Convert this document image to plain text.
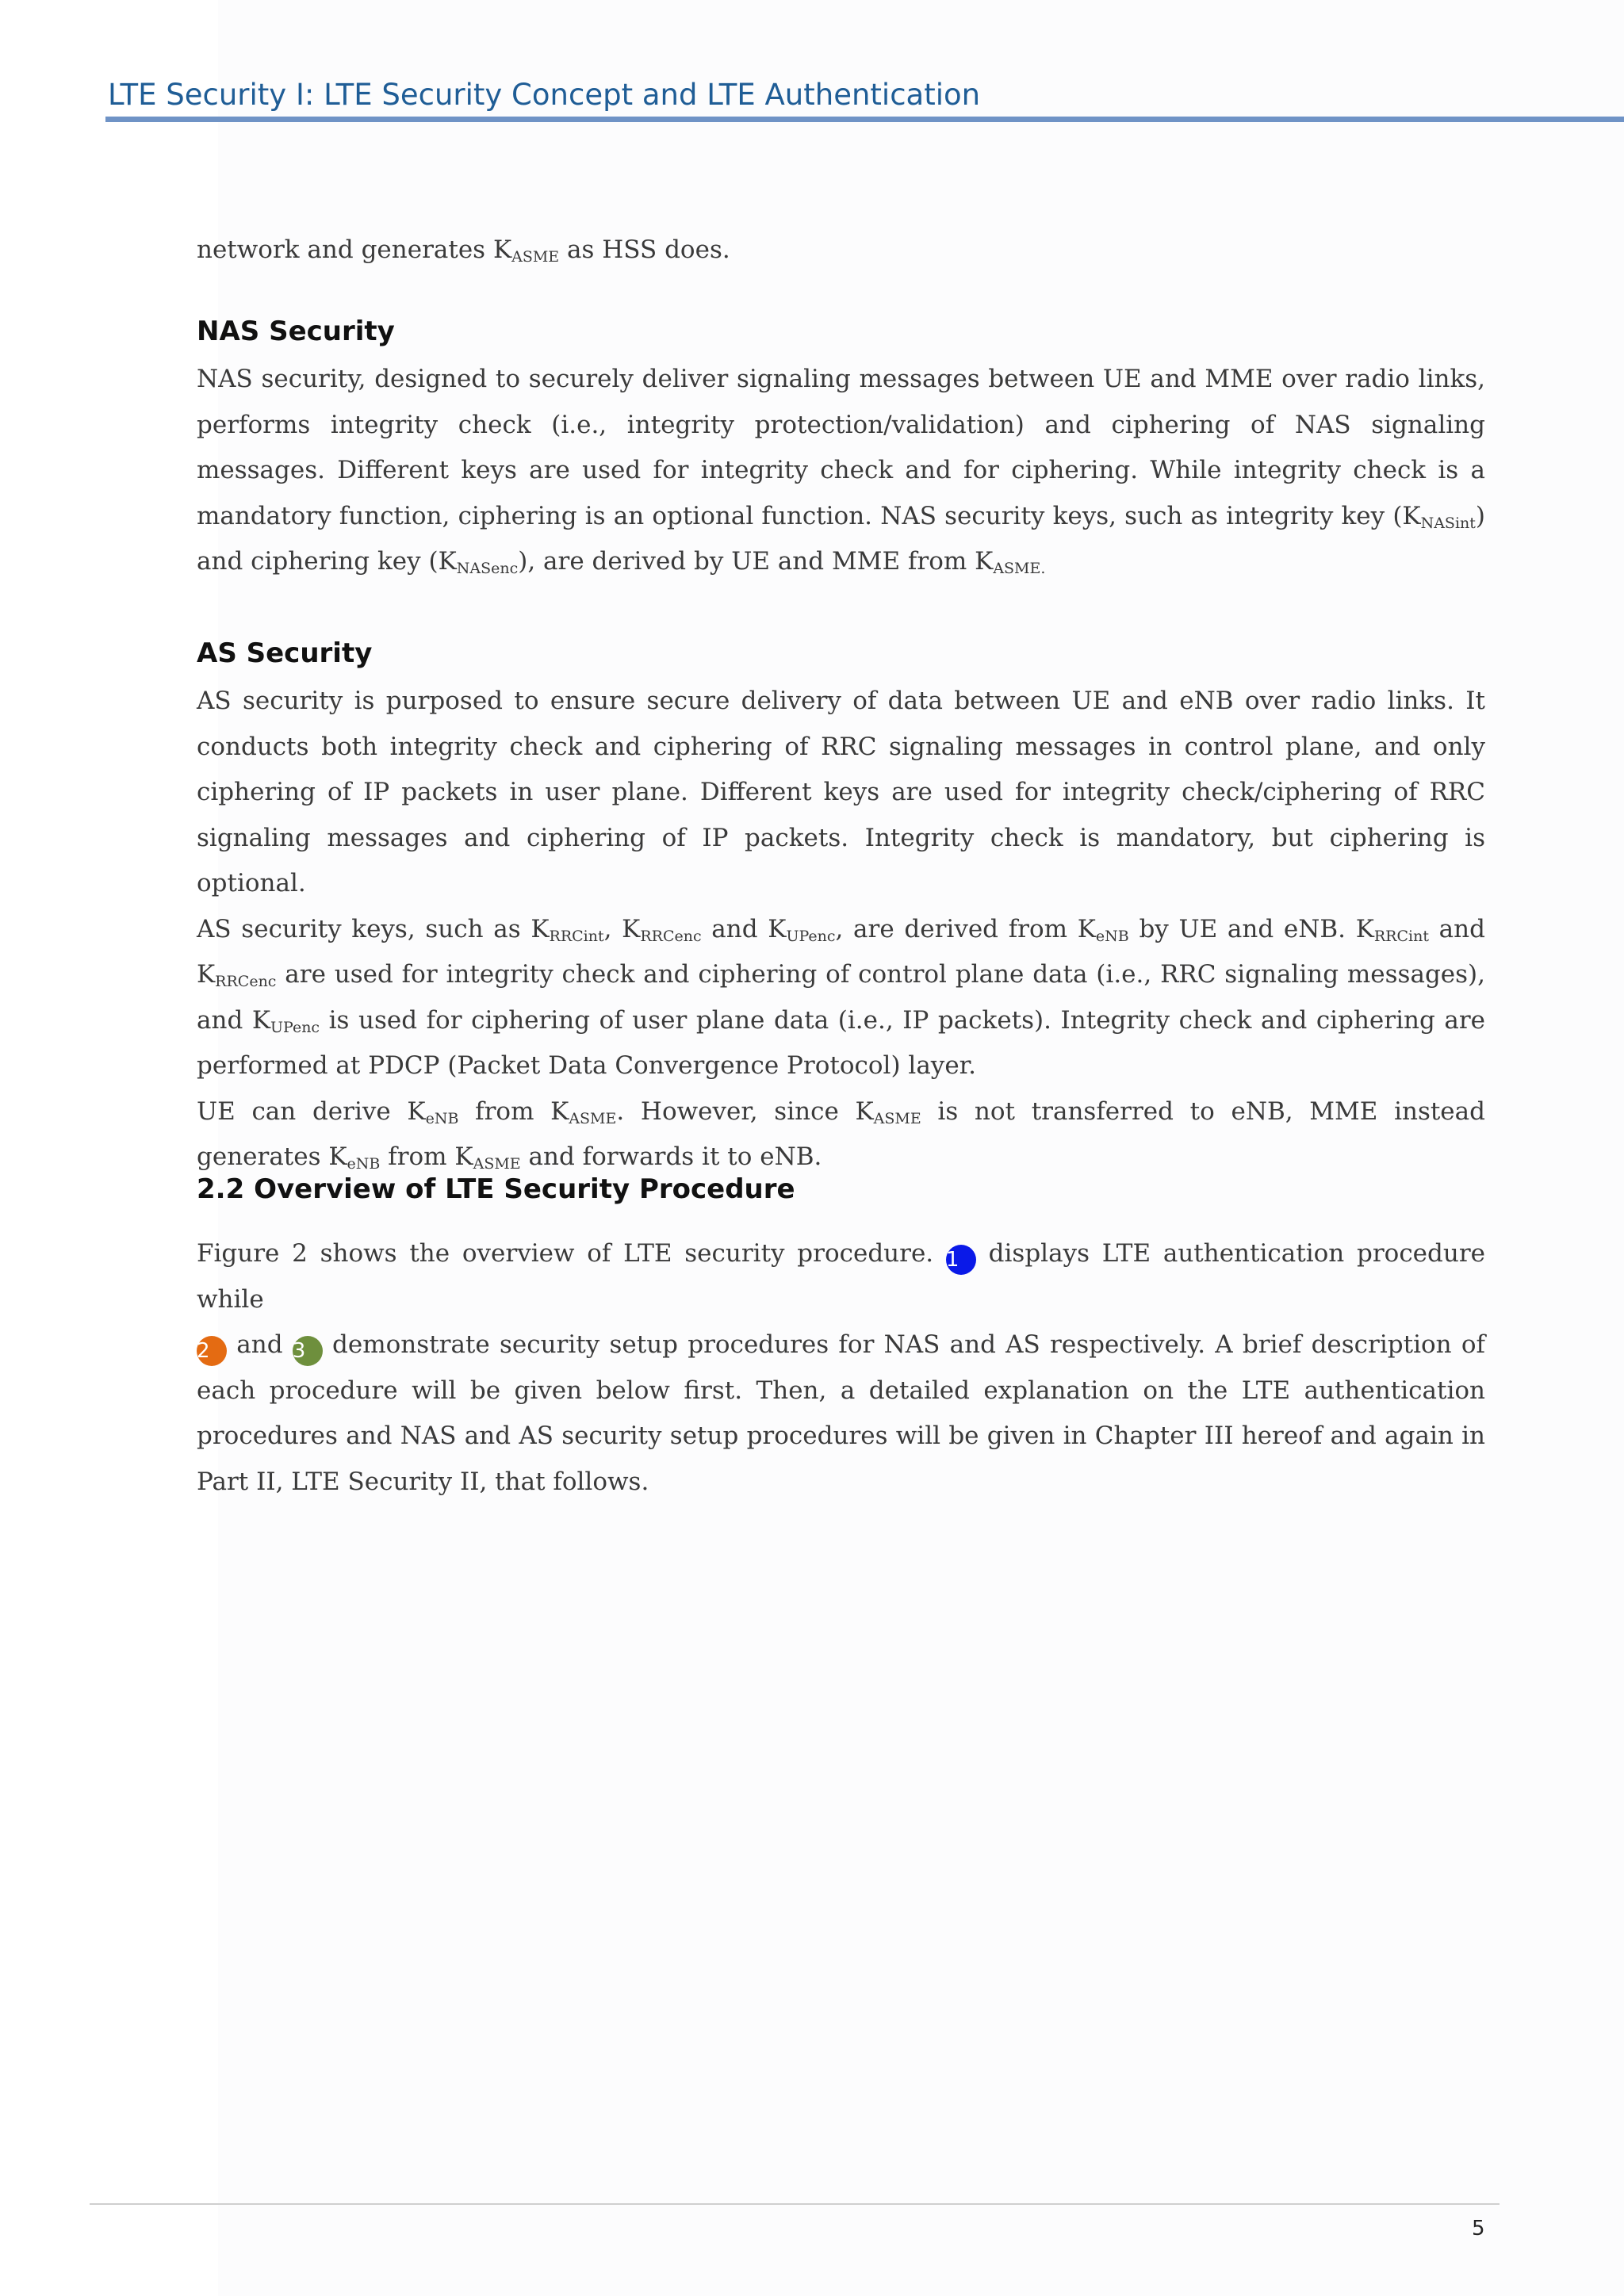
LTE Security I: LTE Security Concept and LTE Authentication

network and generates $K_{ASME}$ as HSS does.

NAS Security

NAS security, designed to securely deliver signaling messages between UE and MME over radio links, performs integrity check (i.e., integrity protection/validation) and ciphering of NAS signaling messages. Different keys are used for integrity check and for ciphering. While integrity check is a mandatory function, ciphering is an optional function. NAS security keys, such as integrity key $(K_{NASint})$ and ciphering key $(K_{NASenc})$, are derived by UE and MME from $K_{ASME.}$

AS Security

AS security is purposed to ensure secure delivery of data between UE and eNB over radio links. It conducts both integrity check and ciphering of RRC signaling messages in control plane, and only ciphering of IP packets in user plane. Different keys are used for integrity check/ciphering of RRC signaling messages and ciphering of IP packets. Integrity check is mandatory, but ciphering is optional.

AS security keys, such as $K_{RRCint}$, $K_{RRCenc}$ and $K_{UPenc}$, are derived from $K_{eNB}$ by UE and eNB. $K_{RRCint}$ and $K_{RRCenc}$ are used for integrity check and ciphering of control plane data (i.e., RRC signaling messages), and $K_{UPenc}$ is used for ciphering of user plane data (i.e., IP packets). Integrity check and ciphering are performed at PDCP (Packet Data Convergence Protocol) layer.

UE can derive $K_{eNB}$ from $K_{ASME}$. However, since $K_{ASME}$ is not transferred to eNB, MME instead generates $K_{eNB}$ from $K_{ASME}$ and forwards it to eNB.

2.2 Overview of LTE Security Procedure

Figure 2 shows the overview of LTE security procedure. 1 displays LTE authentication procedure while

2 and 3 demonstrate security setup procedures for NAS and AS respectively. A brief description of each procedure will be given below first. Then, a detailed explanation on the LTE authentication procedures and NAS and AS security setup procedures will be given in Chapter III hereof and again in Part II, LTE Security II, that follows.

5
